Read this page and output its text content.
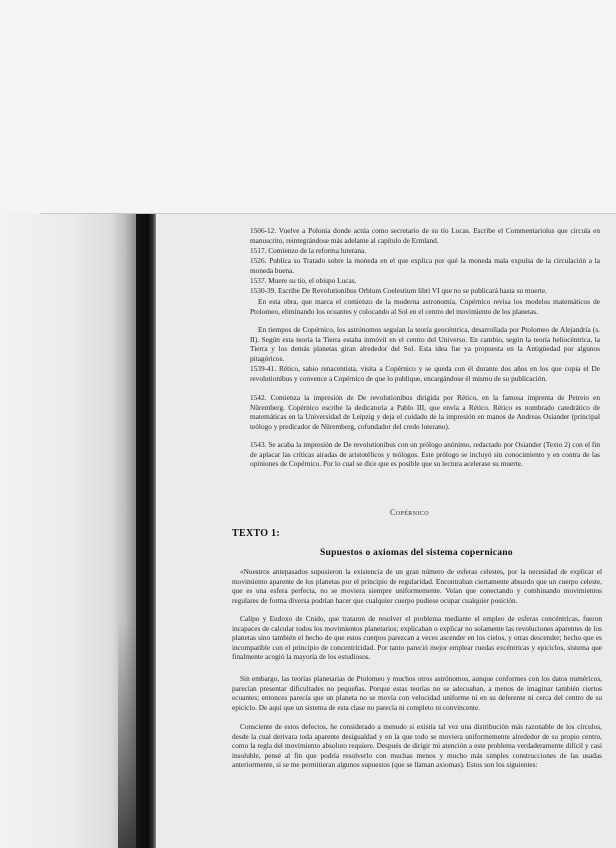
1506-12. Vuelve a Polonia donde actúa como secretario de su tío Lucas. Escribe el Commentariolus que circula en manuscrito, reintegrándose más adelante al capítulo de Ermland.

1517. Comienzo de la reforma luterana.

1526. Publica su Tratado sobre la moneda en el que explica por qué la moneda mala expulsa de la circulación a la moneda buena.

1537. Muere su tío, el obispo Lucas.

1530-39. Escribe De Revolutionibus Orbium Coelestium libri VI que no se publicará hasta su muerte.

En esta obra, que marca el comienzo de la moderna astronomía, Copérnico revisa los modelos matemáticos de Ptolomeo, eliminando los ecuantes y colocando al Sol en el centro del movimiento de los planetas.

En tiempos de Copérnico, los astrónomos seguían la teoría geocéntrica, desarrollada por Ptolomeo de Alejandría (s. II). Según esta teoría la Tierra estaba inmóvil en el centro del Universo. En cambio, según la teoría heliocéntrica, la Tierra y los demás planetas giran alrededor del Sol. Esta idea fue ya propuesta en la Antigüedad por algunos pitagóricos.

1539-41. Rético, sabio renacentista, visita a Copérnico y se queda con él durante dos años en los que copia el De revolutionibus y convence a Copérnico de que lo publique, encargándose él mismo de su publicación.

1542. Comienza la impresión de De revolutionibus dirigida por Rético, en la famosa imprenta de Petreio en Nüremberg. Copérnico escribe la dedicatoria a Pablo III, que envía a Rético. Rético es nombrado catedrático de matemáticas en la Universidad de Leipzig y deja el cuidado de la impresión en manos de Andreas Osiander (principal teólogo y predicador de Nüremberg, cofundador del credo luterano).

1543. Se acaba la impresión de De revolutionibus con un prólogo anónimo, redactado por Osiander (Texto 2) con el fin de aplacar las críticas airadas de aristotélicos y teólogos. Este prólogo se incluyó sin conocimiento y en contra de las opiniones de Copérnico. Por lo cual se dice que es posible que su lectura acelerase su muerte.

Copérnico
TEXTO 1:
Supuestos o axiomas del sistema copernicano

«Nuestros antepasados supusieron la existencia de un gran número de esferas celestes, por la necesidad de explicar el movimiento aparente de los planetas por el principio de regularidad. Encontraban ciertamente absurdo que un cuerpo celeste, que es una esfera perfecta, no se moviera siempre uniformemente. Veían que conectando y combinando movimientos regulares de forma diversa podrían hacer que cualquier cuerpo pudiese ocupar cualquier posición.

Calipo y Eudoxo de Cnido, que trataron de resolver el problema mediante el empleo de esferas concéntricas, fueron incapaces de calcular todos los movimientos planetarios; explicaban o explicar no solamente las revoluciones aparentes de los planetas sino también el hecho de que estos cuerpos parezcan a veces ascender en los cielos, y otras descender; hecho que es incompatible con el principio de concentricidad. Por tanto pareció mejor emplear ruedas excéntricas y epiciclos, sistema que finalmente acogió la mayoría de los estudiosos.

Sin embargo, las teorías planetarias de Ptolomeo y muchos otros astrónomos, aunque conformes con los datos numéricos, parecían presentar dificultades no pequeñas. Porque estas teorías no se adecuaban, a menos de imaginar también ciertos ecuantes; entonces parecía que un planeta no se movía con velocidad uniforme ni en su deferente ni cerca del centro de su epiciclo. De aquí que un sistema de esta clase no parecía ni completo ni convincente.

Consciente de estos defectos, he considerado a menudo si existía tal vez una distribución más razonable de los círculos, desde la cual derivara toda aparente desigualdad y en la que todo se moviera uniformemente alrededor de su propio centro, como la regla del movimiento absoluto requiere. Después de dirigir mi atención a este problema verdaderamente difícil y casi insoluble, pensé al fin que podría resolverlo con muchas menos y mucho más simples construcciones de las usadas anteriormente, si se me permitieran algunos supuestos (que se llaman axiomas). Estos son los siguientes:
